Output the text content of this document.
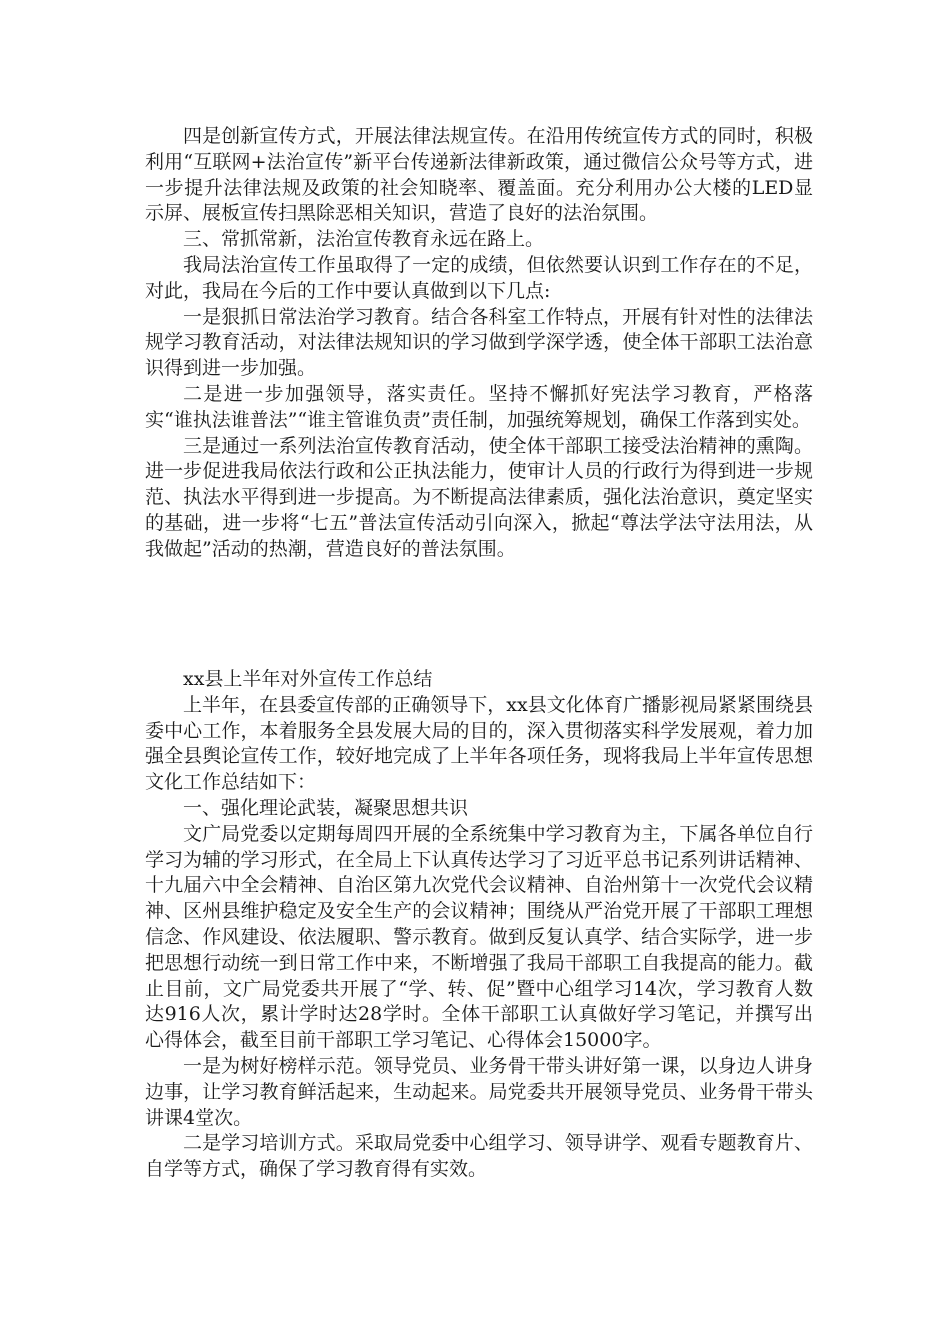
四是创新宣传方式，开展法律法规宣传。在沿用传统宣传方式的同时，积极利用“互联网+法治宣传”新平台传递新法律新政策，通过微信公众号等方式，进一步提升法律法规及政策的社会知晓率、覆盖面。充分利用办公大楼的LED显示屏、展板宣传扫黑除恶相关知识，营造了良好的法治氛围。

三、常抓常新，法治宣传教育永远在路上。

我局法治宣传工作虽取得了一定的成绩，但依然要认识到工作存在的不足，对此，我局在今后的工作中要认真做到以下几点:

一是狠抓日常法治学习教育。结合各科室工作特点，开展有针对性的法律法规学习教育活动，对法律法规知识的学习做到学深学透，使全体干部职工法治意识得到进一步加强。

二是进一步加强领导，落实责任。坚持不懈抓好宪法学习教育，严格落实“谁执法谁普法”“谁主管谁负责”责任制，加强统筹规划，确保工作落到实处。

三是通过一系列法治宣传教育活动，使全体干部职工接受法治精神的熏陶。进一步促进我局依法行政和公正执法能力，使审计人员的行政行为得到进一步规范、执法水平得到进一步提高。为不断提高法律素质，强化法治意识，奠定坚实的基础，进一步将“七五”普法宣传活动引向深入，掀起“尊法学法守法用法，从我做起”活动的热潮，营造良好的普法氛围。

xx县上半年对外宣传工作总结

上半年，在县委宣传部的正确领导下，xx县文化体育广播影视局紧紧围绕县委中心工作，本着服务全县发展大局的目的，深入贯彻落实科学发展观，着力加强全县舆论宣传工作，较好地完成了上半年各项任务，现将我局上半年宣传思想文化工作总结如下：

一、强化理论武装，凝聚思想共识

文广局党委以定期每周四开展的全系统集中学习教育为主，下属各单位自行学习为辅的学习形式，在全局上下认真传达学习了习近平总书记系列讲话精神、十九届六中全会精神、自治区第九次党代会议精神、自治州第十一次党代会议精神、区州县维护稳定及安全生产的会议精神；围绕从严治党开展了干部职工理想信念、作风建设、依法履职、警示教育。做到反复认真学、结合实际学，进一步把思想行动统一到日常工作中来，不断增强了我局干部职工自我提高的能力。截止目前，文广局党委共开展了“学、转、促”暨中心组学习14次，学习教育人数达916人次，累计学时达28学时。全体干部职工认真做好学习笔记，并撰写出心得体会，截至目前干部职工学习笔记、心得体会15000字。

一是为树好榜样示范。领导党员、业务骨干带头讲好第一课，以身边人讲身边事，让学习教育鲜活起来，生动起来。局党委共开展领导党员、业务骨干带头讲课4堂次。

二是学习培训方式。采取局党委中心组学习、领导讲学、观看专题教育片、自学等方式，确保了学习教育得有实效。
